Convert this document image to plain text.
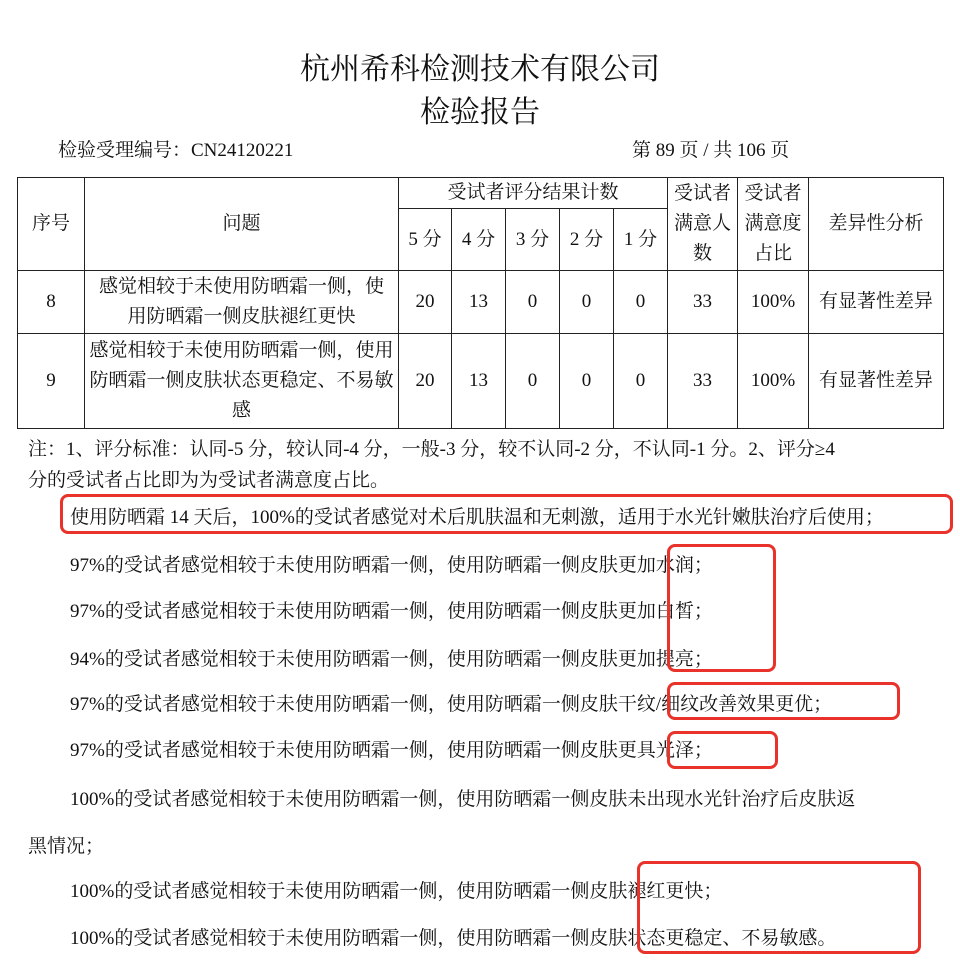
杭州希科检测技术有限公司
检验报告
检验受理编号：CN24120221	第 89 页 / 共 106 页
序号	问题	受试者评分结果计数					受试者满意人数	受试者满意度占比	差异性分析
		5 分	4 分	3 分	2 分	1 分			
8	感觉相较于未使用防晒霜一侧，使用防晒霜一侧皮肤褪红更快	20	13	0	0	0	33	100%	有显著性差异
9	感觉相较于未使用防晒霜一侧，使用防晒霜一侧皮肤状态更稳定、不易敏感	20	13	0	0	0	33	100%	有显著性差异
注：1、评分标准：认同-5 分，较认同-4 分，一般-3 分，较不认同-2 分，不认同-1 分。2、评分≥4
分的受试者占比即为为受试者满意度占比。
使用防晒霜 14 天后，100%的受试者感觉对术后肌肤温和无刺激，适用于水光针嫩肤治疗后使用；
97%的受试者感觉相较于未使用防晒霜一侧，使用防晒霜一侧皮肤更加水润；
97%的受试者感觉相较于未使用防晒霜一侧，使用防晒霜一侧皮肤更加白皙；
94%的受试者感觉相较于未使用防晒霜一侧，使用防晒霜一侧皮肤更加提亮；
97%的受试者感觉相较于未使用防晒霜一侧，使用防晒霜一侧皮肤干纹/细纹改善效果更优；
97%的受试者感觉相较于未使用防晒霜一侧，使用防晒霜一侧皮肤更具光泽；
100%的受试者感觉相较于未使用防晒霜一侧，使用防晒霜一侧皮肤未出现水光针治疗后皮肤返
黑情况；
100%的受试者感觉相较于未使用防晒霜一侧，使用防晒霜一侧皮肤褪红更快；
100%的受试者感觉相较于未使用防晒霜一侧，使用防晒霜一侧皮肤状态更稳定、不易敏感。
